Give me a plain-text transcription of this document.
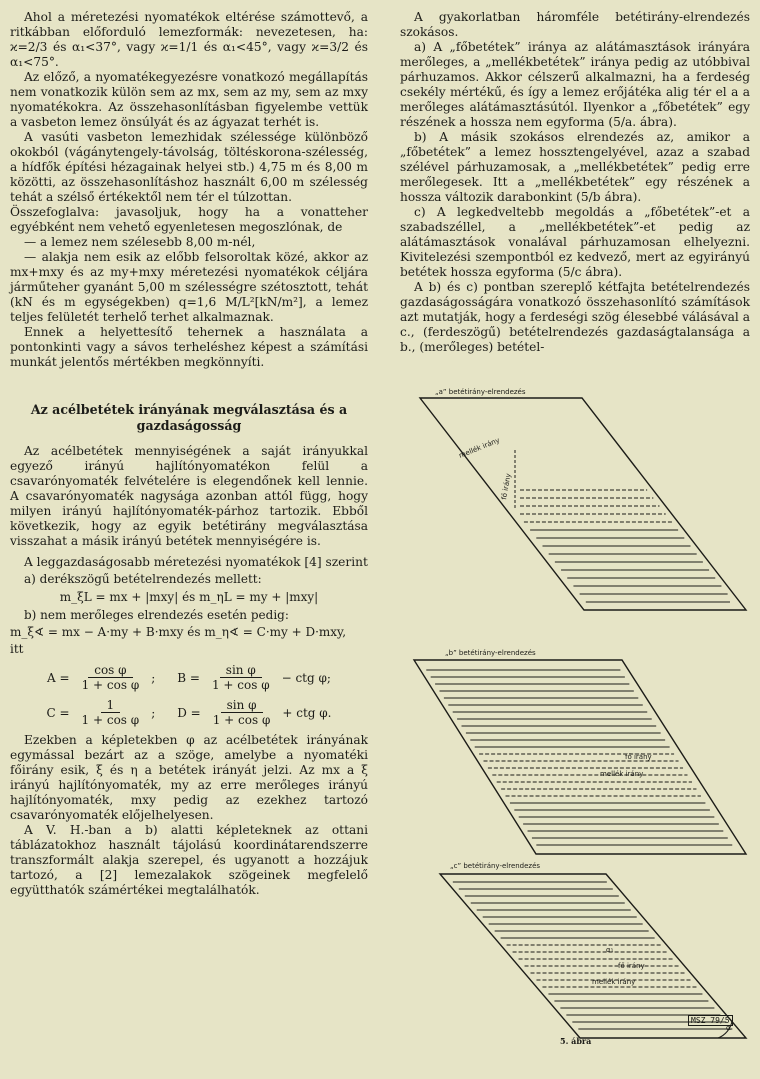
Ahol a méretezési nyomatékok eltérése számottevő, a ritkábban előforduló lemezformák: nevezetesen, ha: ϰ=2/3 és α₁<37°, vagy ϰ=1/1 és α₁<45°, vagy ϰ=3/2 és α₁<75°.

Az előző, a nyomatékegyezésre vonatkozó megállapítás nem vonatkozik külön sem az mx, sem az my, sem az mxy nyomatékokra. Az összehasonlításban figyelembe vettük a vasbeton lemez önsúlyát és az ágyazat terhét is.

A vasúti vasbeton lemezhidak szélessége különböző okokból (vágánytengely-távolság, töltéskorona-szélesség, a hídfők építési hézagainak helyei stb.) 4,75 m és 8,00 m közötti, az összehasonlításhoz használt 6,00 m szélesség tehát a szélső értékektől nem tér el túlzottan.

Összefoglalva: javasoljuk, hogy ha a vonatteher egyébként nem vehető egyenletesen megoszlónak, de

— a lemez nem szélesebb 8,00 m-nél,

— alakja nem esik az előbb felsoroltak közé, akkor az mx+mxy és az my+mxy méretezési nyomatékok céljára járműteher gyanánt 5,00 m szélességre szétosztott, tehát (kN és m egységekben) q=1,6 M/L²[kN/m²], a lemez teljes felületét terhelő terhet alkalmaznak.

Ennek a helyettesítő tehernek a használata a pontonkinti vagy a sávos terheléshez képest a számítási munkát jelentős mértékben megkönnyíti.

Az acélbetétek irányának megválasztása és a gazdaságosság

Az acélbetétek mennyiségének a saját irányukkal egyező irányú hajlítónyomatékon felül a csavarónyomaték felvételére is elegendőnek kell lennie. A csavarónyomaték nagysága azonban attól függ, hogy milyen irányú hajlítónyomaték-párhoz tartozik. Ebből következik, hogy az egyik betétirány megválasztása visszahat a másik irányú betétek mennyiségére is.

A leggazdaságosabb méretezési nyomatékok [4] szerint

a) derékszögű betételrendezés mellett:
m_ξL = mx + |mxy| és m_ηL = my + |mxy|
b) nem merőleges elrendezés esetén pedig:
m_ξ∢ = mx − A·my + B·mxy és m_η∢ = C·my + D·mxy,
itt
$A = \frac{\text{cos φ}}{\text{1 + cos φ}}$ ; $B = \frac{\text{sin φ}}{\text{1 + cos φ}}$ − ctg φ;
$C = \frac{1}{\text{1 + cos φ}}$ ; $D = \frac{\text{sin φ}}{\text{1 + cos φ}}$ + ctg φ.

Ezekben a képletekben φ az acélbetétek irányának egymással bezárt az a szöge, amelybe a nyomatéki főirány esik, ξ és η a betétek irányát jelzi. Az mx a ξ irányú hajlítónyomaték, my az erre merőleges irányú hajlítónyomaték, mxy pedig az ezekhez tartozó csavarónyomaték előjelhelyesen.

A V. H.-ban a b) alatti képleteknek az ottani táblázatokhoz használt tájolású koordinátarendszerre transzformált alakja szerepel, és ugyanott a hozzájuk tartozó, a [2] lemezalakok szögeinek megfelelő együtthatók számértékei megtalálhatók.

A gyakorlatban háromféle betétirány-elrendezés szokásos.

a) A „főbetétek” iránya az alátámasztások irányára merőleges, a „mellékbetétek” iránya pedig az utóbbival párhuzamos. Akkor célszerű alkalmazni, ha a ferdeség csekély mértékű, és így a lemez erőjátéka alig tér el a a merőleges alátámasztásútól. Ilyenkor a „főbetétek” egy részének a hossza nem egyforma (5/a. ábra).

b) A másik szokásos elrendezés az, amikor a „főbetétek” a lemez hossztengelyével, azaz a szabad szélével párhuzamosak, a „mellékbetétek” pedig erre merőlegesek. Itt a „mellékbetétek” egy részének a hossza változik darabonkint (5/b ábra).

c) A legkedveltebb megoldás a „főbetétek”-et a szabadszéllel, a „mellékbetétek”-et pedig az alátámasztások vonalával párhuzamosan elhelyezni. Kivitelezési szempontból ez kedvező, mert az egyirányú betétek hossza egyforma (5/c ábra).

A b) és c) pontban szereplő kétfajta betételrendezés gazdaságosságára vonatkozó összehasonlító számítások azt mutatják, hogy a ferdeségi szög élesebbé válásával a c., (ferdeszögű) betételrendezés gazdaságtalansága a b., (merőleges) betétel-

„a” betétirány-elrendezés
mellék irány
fő irány
„b” betétirány-elrendezés
fő irány
mellék irány
„c” betétirány-elrendezés
fő irány
mellék irány
α₁
α
MSZ 79/5
5. ábra
